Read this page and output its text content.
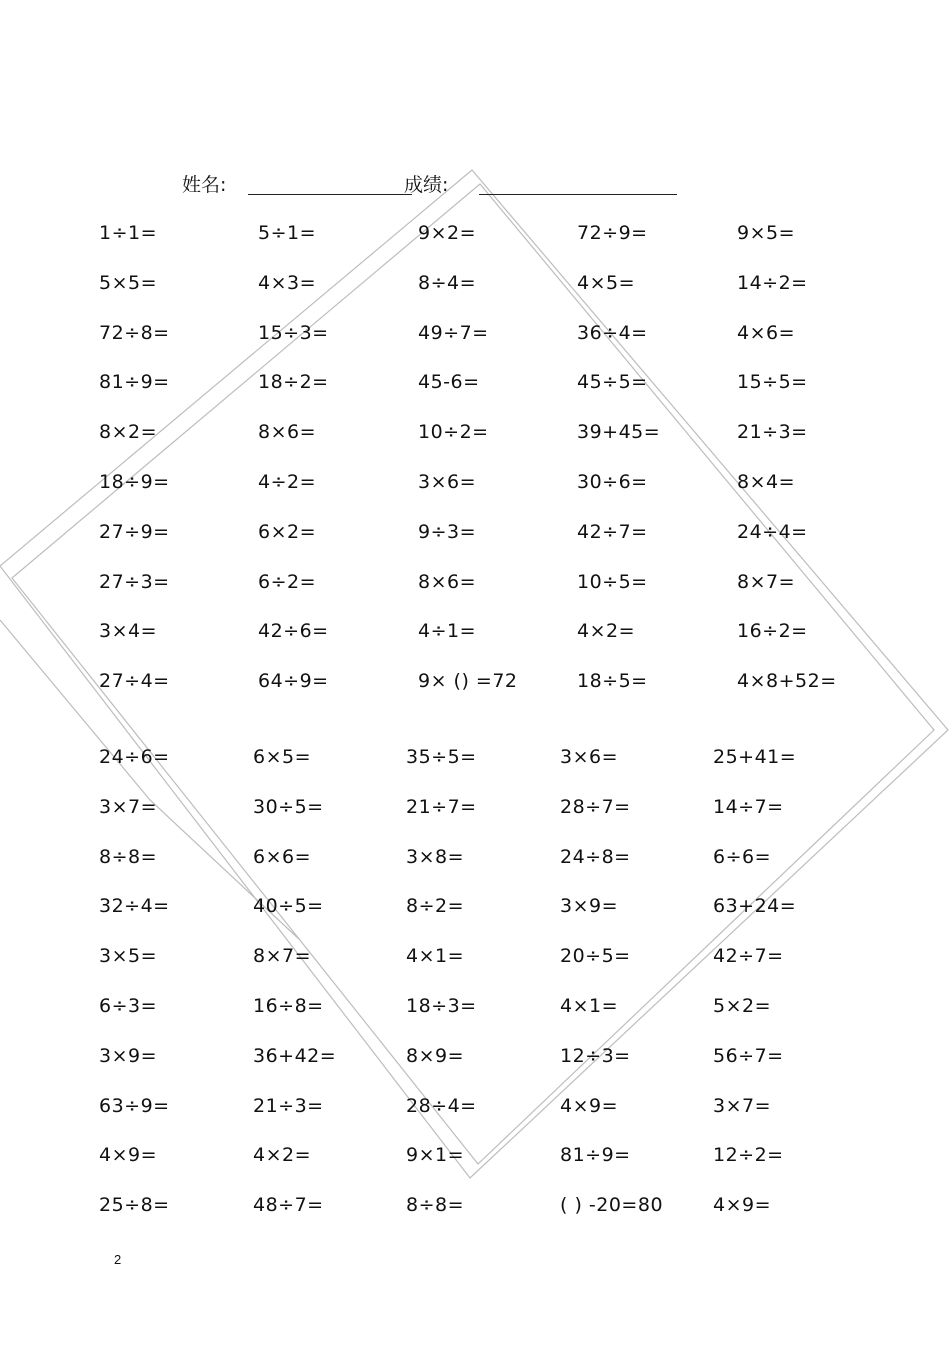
姓名:	成绩:
1÷1=	5÷1=	9×2=	72÷9=	9×5=
5×5=	4×3=	8÷4=	4×5=	14÷2=
72÷8=	15÷3=	49÷7=	36÷4=	4×6=
81÷9=	18÷2=	45-6=	45÷5=	15÷5=
8×2=	8×6=	10÷2=	39+45=	21÷3=
18÷9=	4÷2=	3×6=	30÷6=	8×4=
27÷9=	6×2=	9÷3=	42÷7=	24÷4=
27÷3=	6÷2=	8×6=	10÷5=	8×7=
3×4=	42÷6=	4÷1=	4×2=	16÷2=
27÷4=	64÷9=	9× () =72	18÷5=	4×8+52=
24÷6=	6×5=	35÷5=	3×6=	25+41=
3×7=	30÷5=	21÷7=	28÷7=	14÷7=
8÷8=	6×6=	3×8=	24÷8=	6÷6=
32÷4=	40÷5=	8÷2=	3×9=	63+24=
3×5=	8×7=	4×1=	20÷5=	42÷7=
6÷3=	16÷8=	18÷3=	4×1=	5×2=
3×9=	36+42=	8×9=	12÷3=	56÷7=
63÷9=	21÷3=	28÷4=	4×9=	3×7=
4×9=	4×2=	9×1=	81÷9=	12÷2=
25÷8=	48÷7=	8÷8=	( ) -20=80	4×9=
2
